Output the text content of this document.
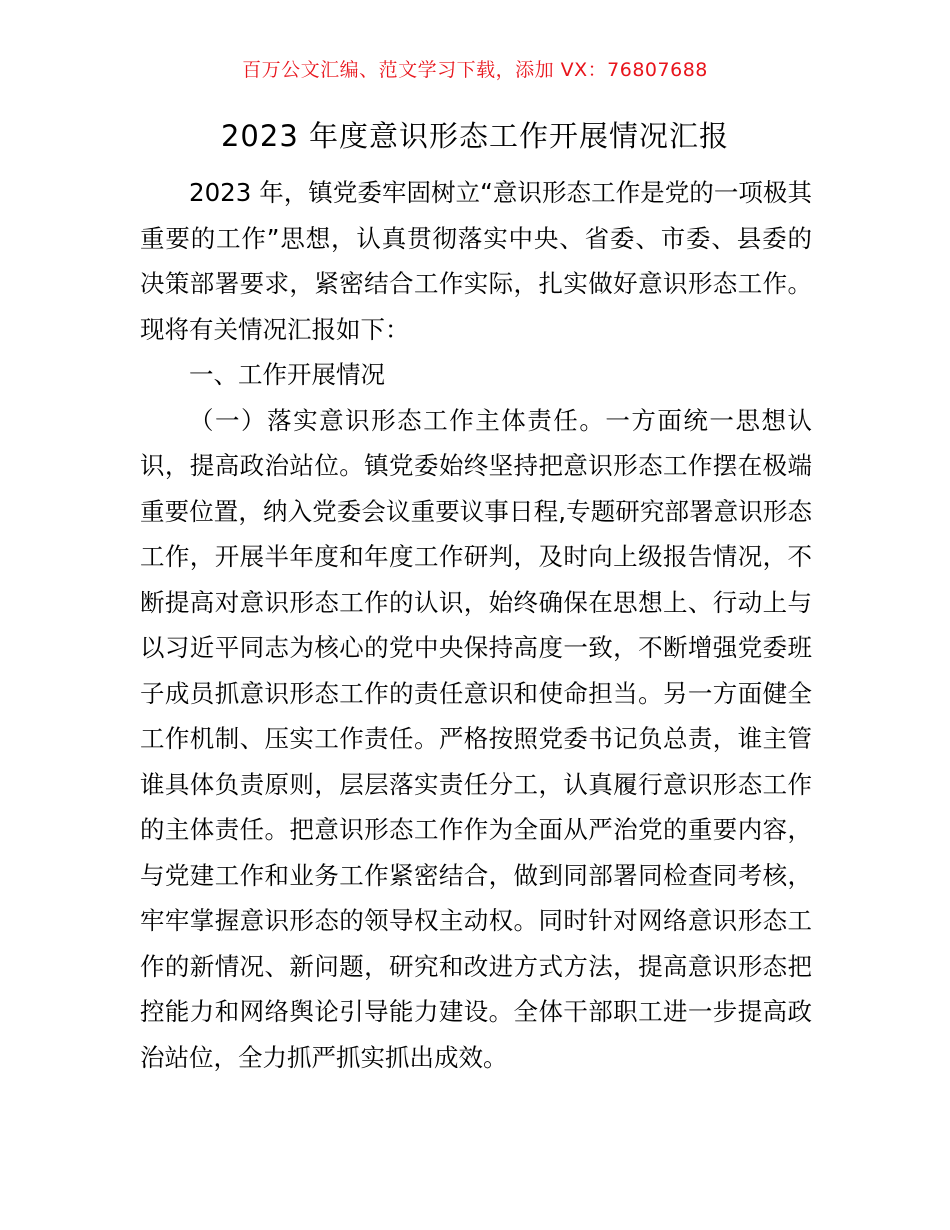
百万公文汇编、范文学习下载，添加 VX：76807688
2023 年度意识形态工作开展情况汇报

2023 年，镇党委牢固树立“意识形态工作是党的一项极其重要的工作”思想，认真贯彻落实中央、省委、市委、县委的决策部署要求，紧密结合工作实际，扎实做好意识形态工作。现将有关情况汇报如下：

一、工作开展情况

（一）落实意识形态工作主体责任。一方面统一思想认识，提高政治站位。镇党委始终坚持把意识形态工作摆在极端重要位置，纳入党委会议重要议事日程,专题研究部署意识形态工作，开展半年度和年度工作研判，及时向上级报告情况，不断提高对意识形态工作的认识，始终确保在思想上、行动上与以习近平同志为核心的党中央保持高度一致，不断增强党委班子成员抓意识形态工作的责任意识和使命担当。另一方面健全工作机制、压实工作责任。严格按照党委书记负总责，谁主管谁具体负责原则，层层落实责任分工，认真履行意识形态工作的主体责任。把意识形态工作作为全面从严治党的重要内容，与党建工作和业务工作紧密结合，做到同部署同检查同考核，牢牢掌握意识形态的领导权主动权。同时针对网络意识形态工作的新情况、新问题，研究和改进方式方法，提高意识形态把控能力和网络舆论引导能力建设。全体干部职工进一步提高政治站位，全力抓严抓实抓出成效。
